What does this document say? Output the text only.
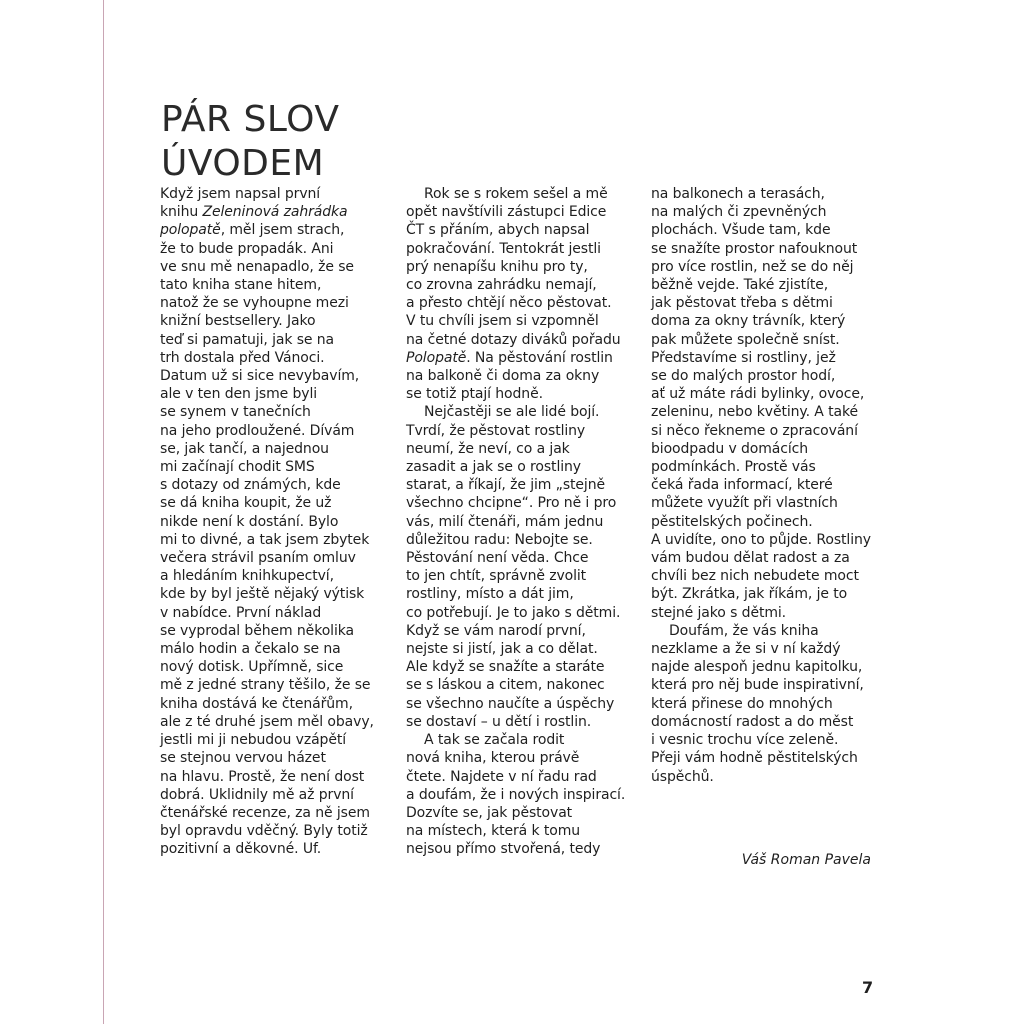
PÁR SLOV
ÚVODEM
Když jsem napsal první
knihu Zeleninová zahrádka
polopatě, měl jsem strach,
že to bude propadák. Ani
ve snu mě nenapadlo, že se
tato kniha stane hitem,
natož že se vyhoupne mezi
knižní bestsellery. Jako
teď si pamatuji, jak se na
trh dostala před Vánoci.
Datum už si sice nevybavím,
ale v ten den jsme byli
se synem v tanečních
na jeho prodloužené. Dívám
se, jak tančí, a najednou
mi začínají chodit SMS
s dotazy od známých, kde
se dá kniha koupit, že už
nikde není k dostání. Bylo
mi to divné, a tak jsem zbytek
večera strávil psaním omluv
a hledáním knihkupectví,
kde by byl ještě nějaký výtisk
v nabídce. První náklad
se vyprodal během několika
málo hodin a čekalo se na
nový dotisk. Upřímně, sice
mě z jedné strany těšilo, že se
kniha dostává ke čtenářům,
ale z té druhé jsem měl obavy,
jestli mi ji nebudou vzápětí
se stejnou vervou házet
na hlavu. Prostě, že není dost
dobrá. Uklidnily mě až první
čtenářské recenze, za ně jsem
byl opravdu vděčný. Byly totiž
pozitivní a děkovné. Uf.
Rok se s rokem sešel a mě
opět navštívili zástupci Edice
ČT s přáním, abych napsal
pokračování. Tentokrát jestli
prý nenapíšu knihu pro ty,
co zrovna zahrádku nemají,
a přesto chtějí něco pěstovat.
V tu chvíli jsem si vzpomněl
na četné dotazy diváků pořadu
Polopatě. Na pěstování rostlin
na balkoně či doma za okny
se totiž ptají hodně.
Nejčastěji se ale lidé bojí.
Tvrdí, že pěstovat rostliny
neumí, že neví, co a jak
zasadit a jak se o rostliny
starat, a říkají, že jim „stejně
všechno chcipne“. Pro ně i pro
vás, milí čtenáři, mám jednu
důležitou radu: Nebojte se.
Pěstování není věda. Chce
to jen chtít, správně zvolit
rostliny, místo a dát jim,
co potřebují. Je to jako s dětmi.
Když se vám narodí první,
nejste si jistí, jak a co dělat.
Ale když se snažíte a staráte
se s láskou a citem, nakonec
se všechno naučíte a úspěchy
se dostaví – u dětí i rostlin.
A tak se začala rodit
nová kniha, kterou právě
čtete. Najdete v ní řadu rad
a doufám, že i nových inspirací.
Dozvíte se, jak pěstovat
na místech, která k tomu
nejsou přímo stvořená, tedy
na balkonech a terasách,
na malých či zpevněných
plochách. Všude tam, kde
se snažíte prostor nafouknout
pro více rostlin, než se do něj
běžně vejde. Také zjistíte,
jak pěstovat třeba s dětmi
doma za okny trávník, který
pak můžete společně sníst.
Představíme si rostliny, jež
se do malých prostor hodí,
ať už máte rádi bylinky, ovoce,
zeleninu, nebo květiny. A také
si něco řekneme o zpracování
bioodpadu v domácích
podmínkách. Prostě vás
čeká řada informací, které
můžete využít při vlastních
pěstitelských počinech.
A uvidíte, ono to půjde. Rostliny
vám budou dělat radost a za
chvíli bez nich nebudete moct
být. Zkrátka, jak říkám, je to
stejné jako s dětmi.
Doufám, že vás kniha
nezklame a že si v ní každý
najde alespoň jednu kapitolku,
která pro něj bude inspirativní,
která přinese do mnohých
domácností radost a do měst
i vesnic trochu více zeleně.
Přeji vám hodně pěstitelských
úspěchů.
Váš Roman Pavela
7
